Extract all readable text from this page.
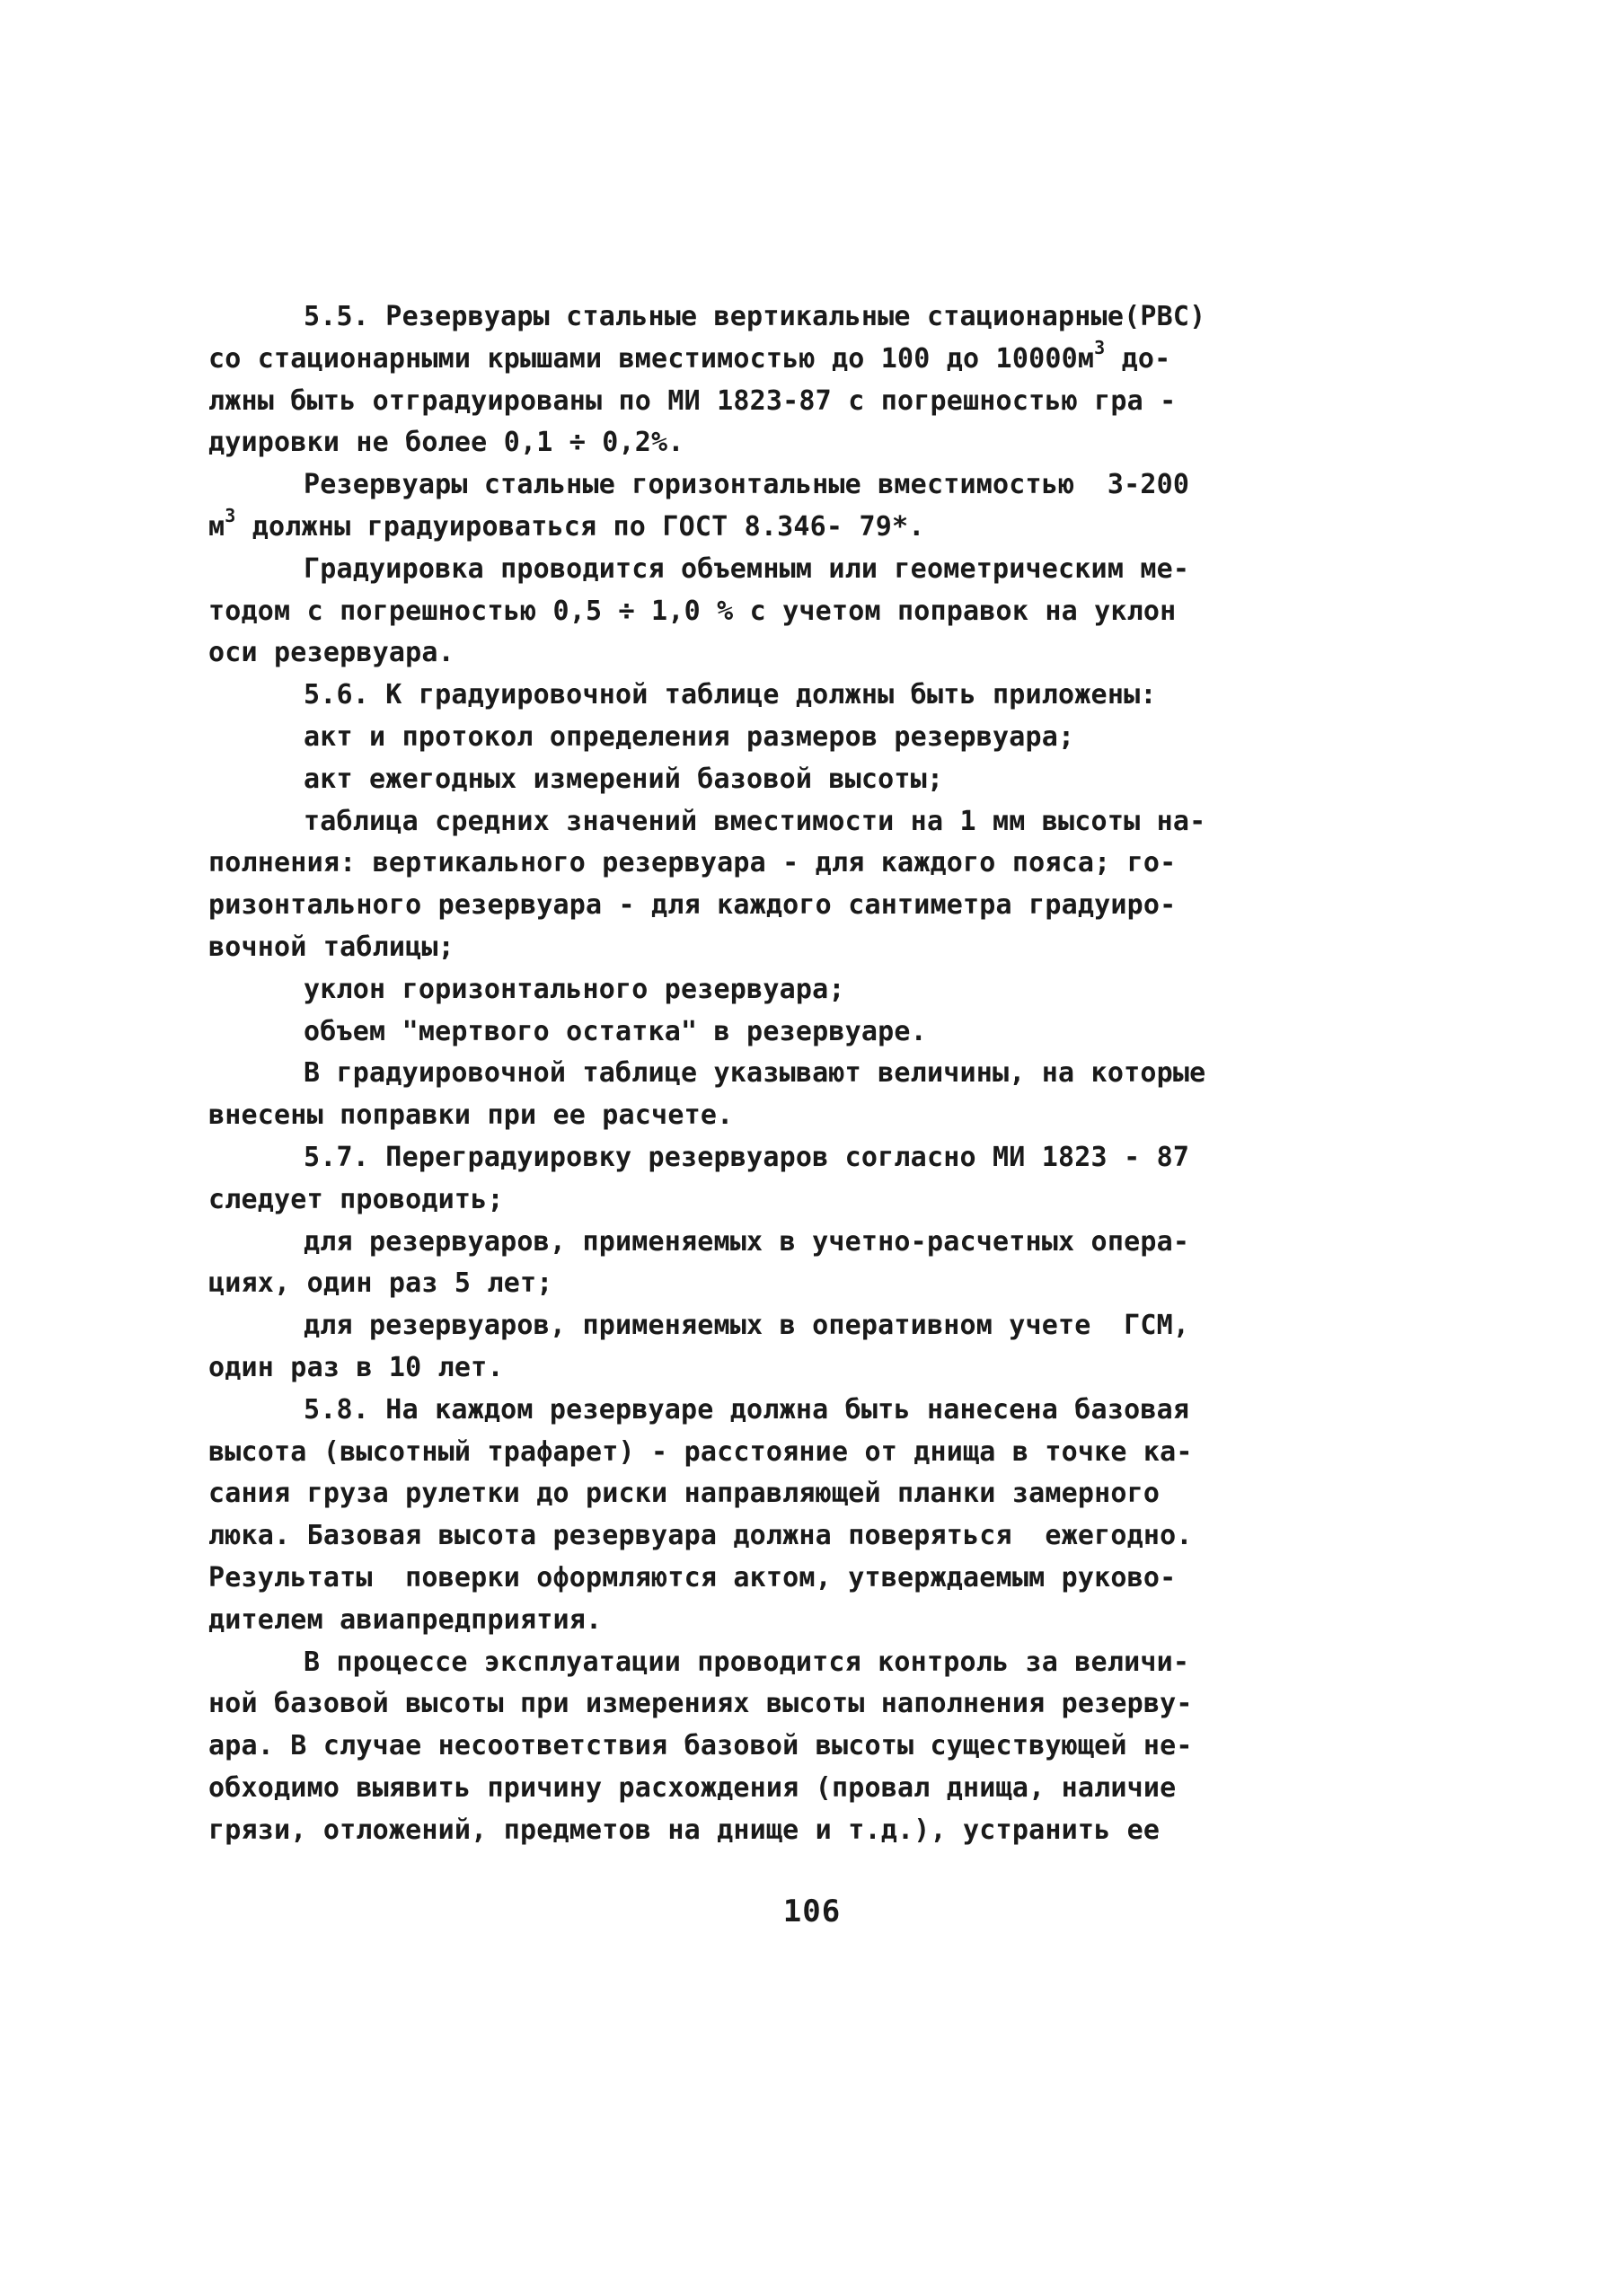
5.5. Резервуары стальные вертикальные стационарные(РВС)
со стационарными крышами вместимостью до 100 до $10000м^3$ до-
лжны быть отградуированы по МИ 1823-87 с погрешностью гра -
дуировки не более 0,1 ÷ 0,2%.
Резервуары стальные горизонтальные вместимостью  3-200
$м^3$ должны градуироваться по ГОСТ 8.346- 79*.
Градуировка проводится объемным или геометрическим ме-
тодом с погрешностью 0,5 ÷ 1,0 % с учетом поправок на уклон
оси резервуара.
5.6. К градуировочной таблице должны быть приложены:
акт и протокол определения размеров резервуара;
акт ежегодных измерений базовой высоты;
таблица средних значений вместимости на 1 мм высоты на-
полнения: вертикального резервуара - для каждого пояса; го-
ризонтального резервуара - для каждого сантиметра градуиро-
вочной таблицы;
уклон горизонтального резервуара;
объем "мертвого остатка" в резервуаре.
В градуировочной таблице указывают величины, на которые
внесены поправки при ее расчете.
5.7. Переградуировку резервуаров согласно МИ 1823 - 87
следует проводить;
для резервуаров, применяемых в учетно-расчетных опера-
циях, один раз 5 лет;
для резервуаров, применяемых в оперативном учете  ГСМ,
один раз в 10 лет.
5.8. На каждом резервуаре должна быть нанесена базовая
высота (высотный трафарет) - расстояние от днища в точке ка-
сания груза рулетки до риски направляющей планки замерного
люка. Базовая высота резервуара должна поверяться  ежегодно.
Результаты  поверки оформляются актом, утверждаемым руково-
дителем авиапредприятия.
В процессе эксплуатации проводится контроль за величи-
ной базовой высоты при измерениях высоты наполнения резерву-
ара. В случае несоответствия базовой высоты существующей не-
обходимо выявить причину расхождения (провал днища, наличие
грязи, отложений, предметов на днище и т.д.), устранить ее
106
